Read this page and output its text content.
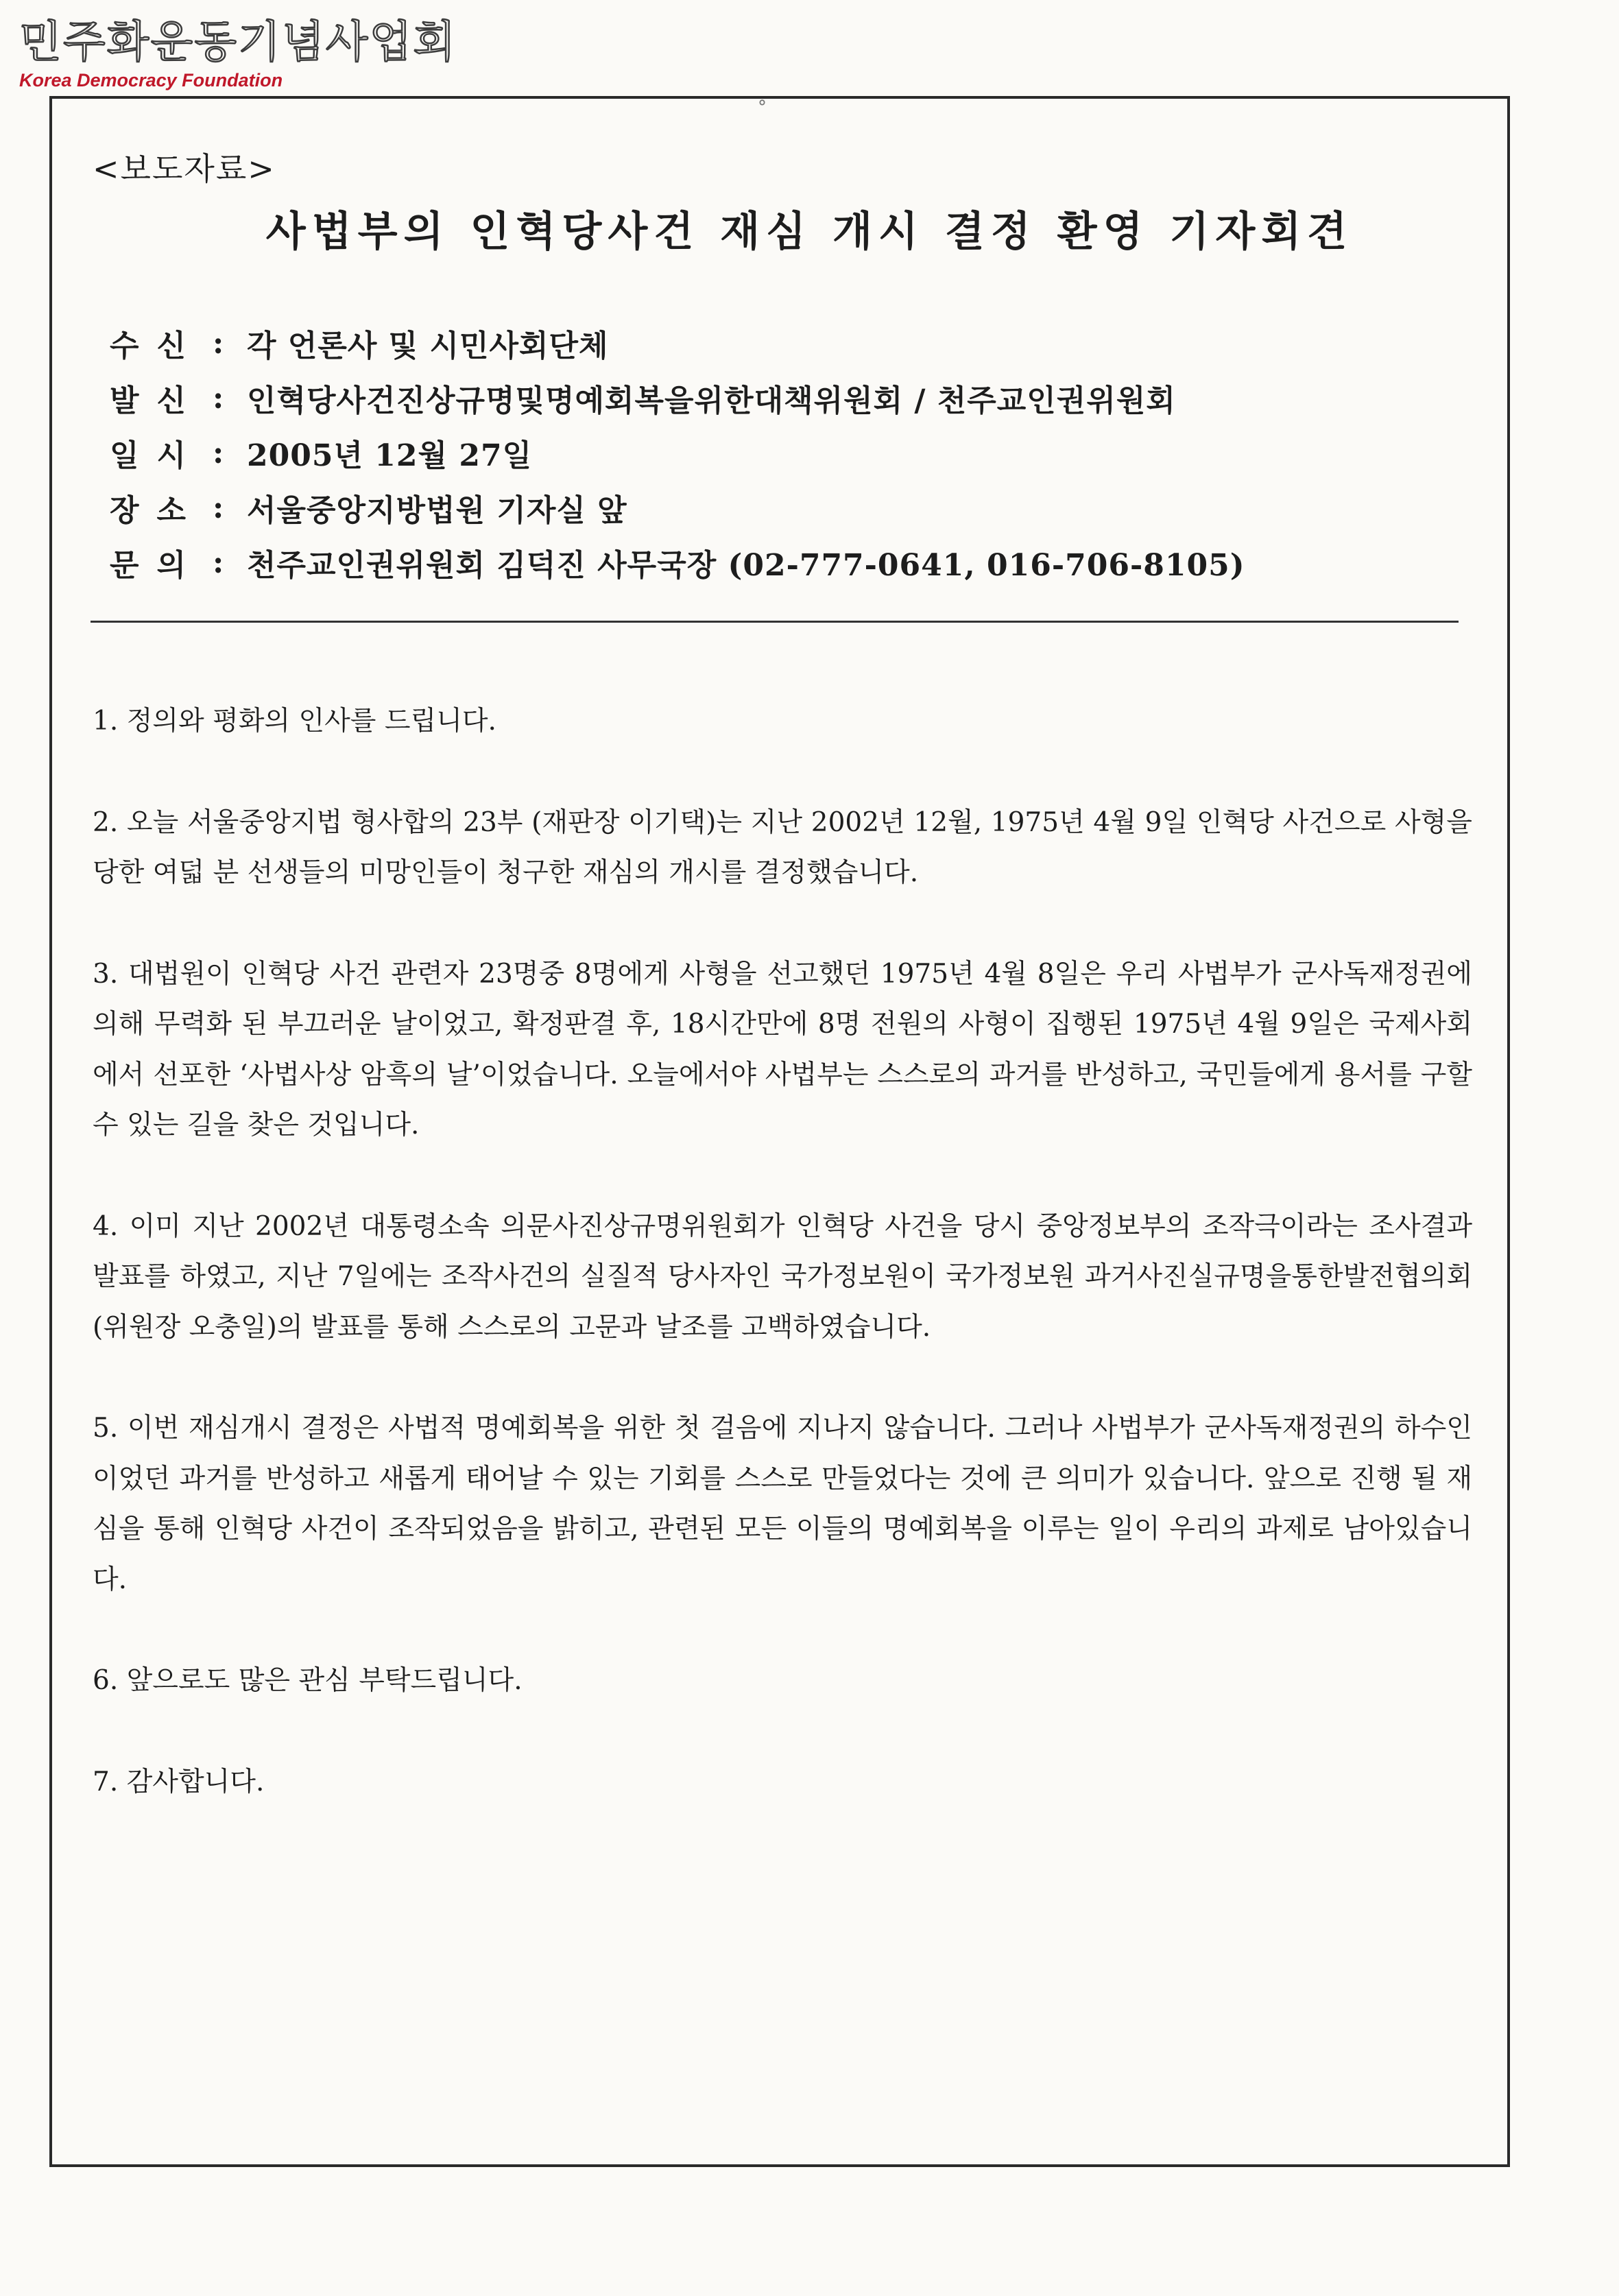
민주화운동기념사업회
Korea Democracy Foundation
°
<보도자료>
사법부의 인혁당사건 재심 개시 결정 환영 기자회견
수신 : 각 언론사 및 시민사회단체
발신 : 인혁당사건진상규명및명예회복을위한대책위원회 / 천주교인권위원회
일시 : 2005년 12월 27일
장소 : 서울중앙지방법원 기자실 앞
문의 : 천주교인권위원회 김덕진 사무국장 (02-777-0641, 016-706-8105)

1. 정의와 평화의 인사를 드립니다.

2. 오늘 서울중앙지법 형사합의 23부 (재판장 이기택)는 지난 2002년 12월, 1975년 4월 9일 인혁당 사건으로 사형을 당한 여덟 분 선생들의 미망인들이 청구한 재심의 개시를 결정했습니다.

3. 대법원이 인혁당 사건 관련자 23명중 8명에게 사형을 선고했던 1975년 4월 8일은 우리 사법부가 군사독재정권에 의해 무력화 된 부끄러운 날이었고, 확정판결 후, 18시간만에 8명 전원의 사형이 집행된 1975년 4월 9일은 국제사회에서 선포한 ‘사법사상 암흑의 날’이었습니다. 오늘에서야 사법부는 스스로의 과거를 반성하고, 국민들에게 용서를 구할 수 있는 길을 찾은 것입니다.

4. 이미 지난 2002년 대통령소속 의문사진상규명위원회가 인혁당 사건을 당시 중앙정보부의 조작극이라는 조사결과 발표를 하였고, 지난 7일에는 조작사건의 실질적 당사자인 국가정보원이 국가정보원 과거사진실규명을통한발전협의회(위원장 오충일)의 발표를 통해 스스로의 고문과 날조를 고백하였습니다.

5. 이번 재심개시 결정은 사법적 명예회복을 위한 첫 걸음에 지나지 않습니다. 그러나 사법부가 군사독재정권의 하수인이었던 과거를 반성하고 새롭게 태어날 수 있는 기회를 스스로 만들었다는 것에 큰 의미가 있습니다. 앞으로 진행 될 재심을 통해 인혁당 사건이 조작되었음을 밝히고, 관련된 모든 이들의 명예회복을 이루는 일이 우리의 과제로 남아있습니다.

6. 앞으로도 많은 관심 부탁드립니다.

7. 감사합니다.
